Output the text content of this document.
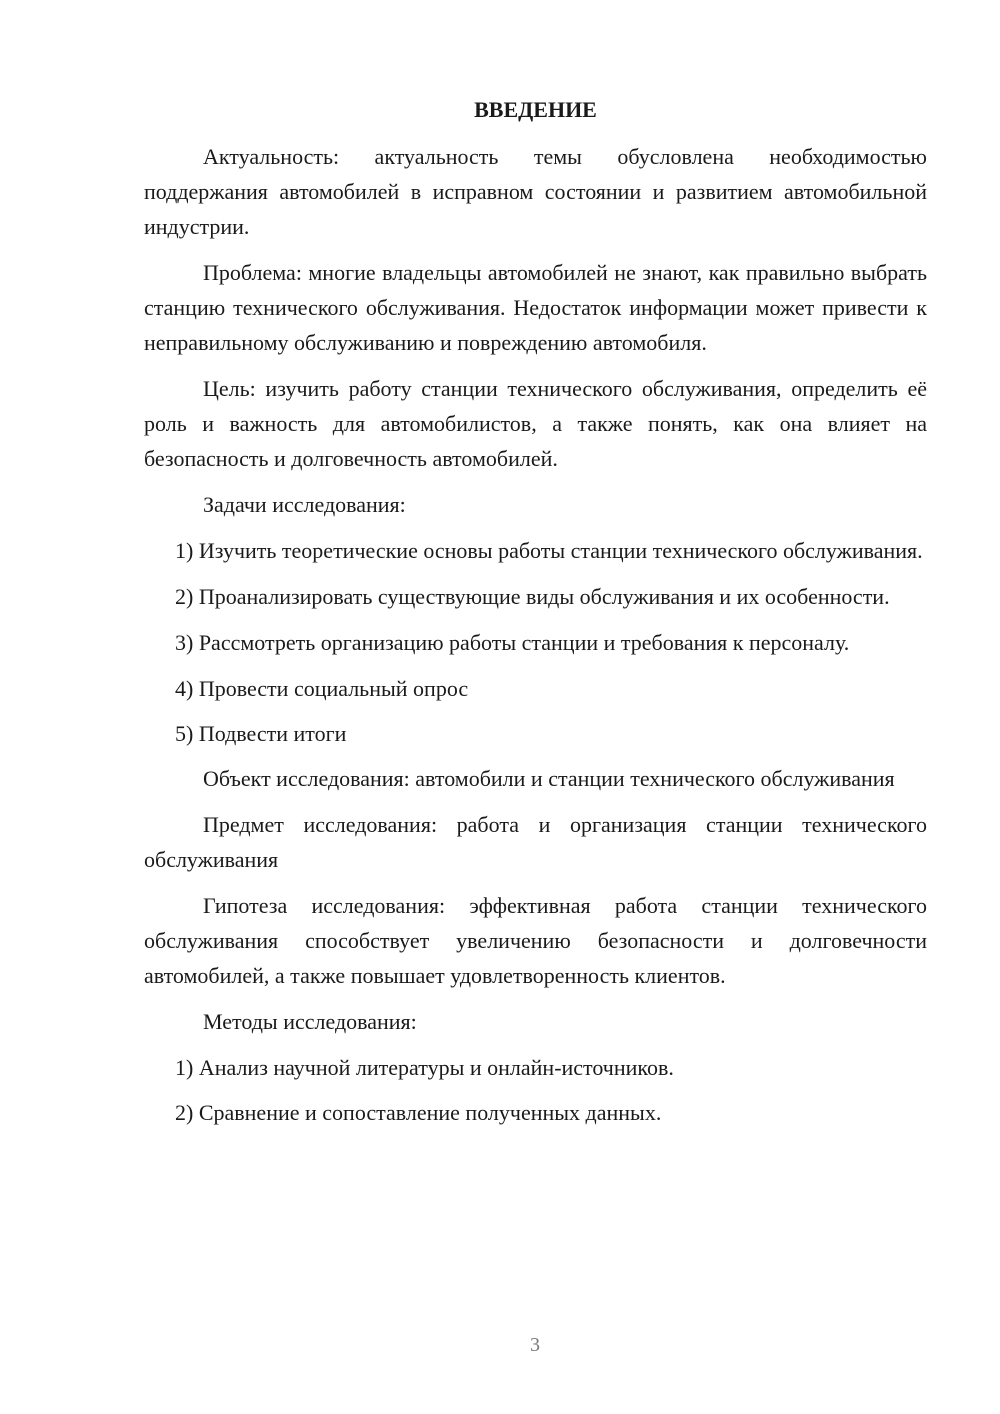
ВВЕДЕНИЕ

Актуальность: актуальность темы обусловлена необходимостью поддержания автомобилей в исправном состоянии и развитием автомобильной индустрии.

Проблема: многие владельцы автомобилей не знают, как правильно выбрать станцию технического обслуживания. Недостаток информации может привести к неправильному обслуживанию и повреждению автомобиля.

Цель: изучить работу станции технического обслуживания, определить её роль и важность для автомобилистов, а также понять, как она влияет на безопасность и долговечность автомобилей.

Задачи исследования:

1) Изучить теоретические основы работы станции технического обслуживания.

2) Проанализировать существующие виды обслуживания и их особенности.

3) Рассмотреть организацию работы станции и требования к персоналу.

4) Провести социальный опрос

5) Подвести итоги

Объект исследования: автомобили и станции технического обслуживания

Предмет исследования: работа и организация станции технического обслуживания

Гипотеза исследования: эффективная работа станции технического обслуживания способствует увеличению безопасности и долговечности автомобилей, а также повышает удовлетворенность клиентов.

Методы исследования:

1) Анализ научной литературы и онлайн-источников.

2) Сравнение и сопоставление полученных данных.

3
